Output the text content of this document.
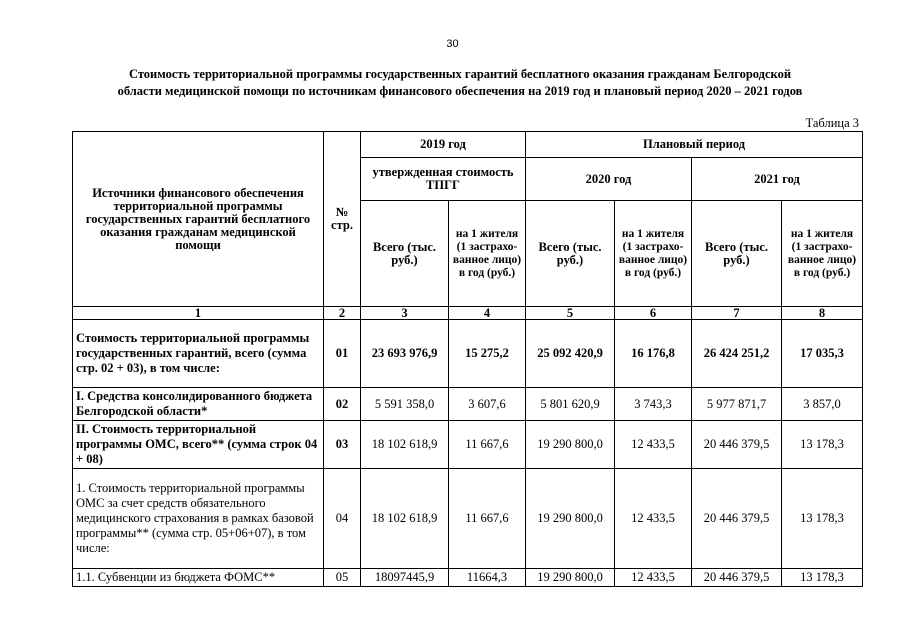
30
Стоимость территориальной программы государственных гарантий бесплатного оказания гражданам Белгородской
области медицинской помощи по источникам финансового обеспечения на 2019 год и плановый период 2020 – 2021 годов
Таблица 3
Источники финансового обеспечения территориальной программы государственных гарантий бесплатного оказания гражданам медицинской помощи	№ стр.	2019 год		Плановый период			
		утвержденная стоимость ТПГГ		2020 год		2021 год	
		Всего (тыс. руб.)	на 1 жителя (1 застрахо-ванное лицо) в год (руб.)	Всего (тыс. руб.)	на 1 жителя (1 застрахо-ванное лицо) в год (руб.)	Всего (тыс. руб.)	на 1 жителя (1 застрахо-ванное лицо) в год (руб.)
1	2	3	4	5	6	7	8
Стоимость территориальной программы государственных гарантий, всего (сумма стр. 02 + 03), в том числе:	01	23 693 976,9	15 275,2	25 092 420,9	16 176,8	26 424 251,2	17 035,3
I. Средства консолидированного бюджета Белгородской области*	02	5 591 358,0	3 607,6	5 801 620,9	3 743,3	5 977 871,7	3 857,0
II. Стоимость территориальной программы ОМС, всего** (сумма строк 04 + 08)	03	18 102 618,9	11 667,6	19 290 800,0	12 433,5	20 446 379,5	13 178,3
1. Стоимость территориальной программы ОМС за счет средств обязательного медицинского страхования в рамках базовой программы** (сумма стр. 05+06+07), в том числе:	04	18 102 618,9	11 667,6	19 290 800,0	12 433,5	20 446 379,5	13 178,3
1.1. Субвенции из бюджета ФОМС**	05	18097445,9	11664,3	19 290 800,0	12 433,5	20 446 379,5	13 178,3
